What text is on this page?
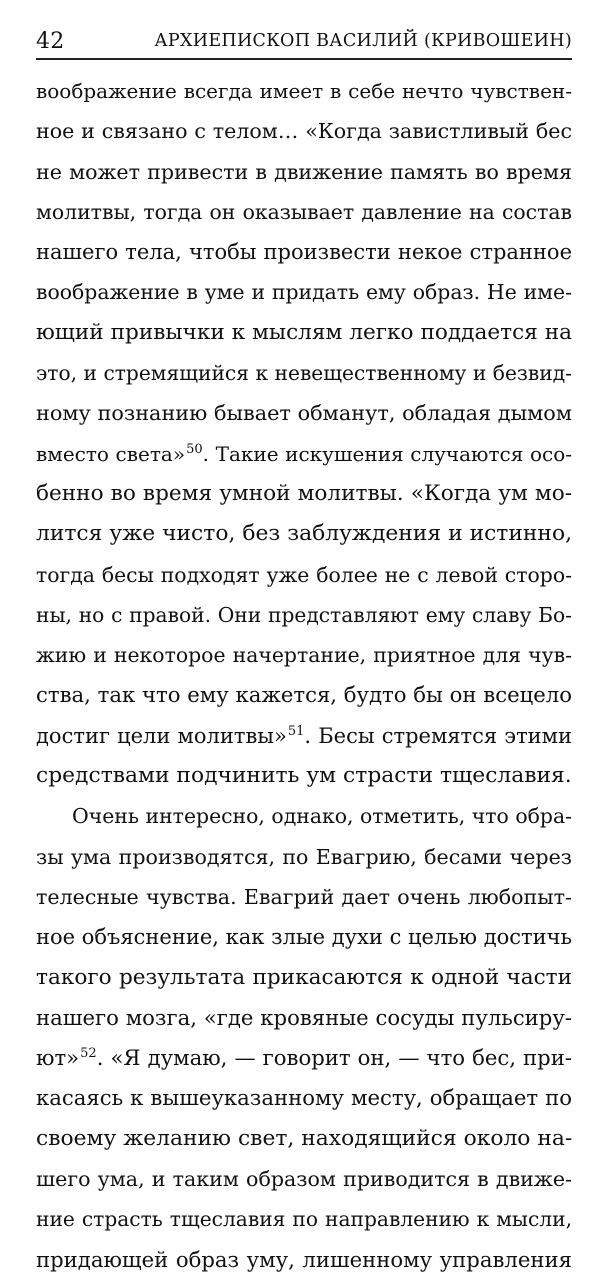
42	АРХИЕПИСКОП ВАСИЛИЙ (КРИВОШЕИН)
воображение всегда имеет в себе нечто чувствен-
ное и связано с телом… «Когда завистливый бес
не может привести в движение память во время
молитвы, тогда он оказывает давление на состав
нашего тела, чтобы произвести некое странное
воображение в уме и придать ему образ. Не име-
ющий привычки к мыслям легко поддается на
это, и стремящийся к невещественному и безвид-
ному познанию бывает обманут, обладая дымом
вместо света»$^{50}$. Такие искушения случаются осо-
бенно во время умной молитвы. «Когда ум мо-
лится уже чисто, без заблуждения и истинно,
тогда бесы подходят уже более не с левой сторо-
ны, но с правой. Они представляют ему славу Бо-
жию и некоторое начертание, приятное для чув-
ства, так что ему кажется, будто бы он всецело
достиг цели молитвы»$^{51}$. Бесы стремятся этими
средствами подчинить ум страсти тщеславия.
Очень интересно, однако, отметить, что обра-
зы ума производятся, по Евагрию, бесами через
телесные чувства. Евагрий дает очень любопыт-
ное объяснение, как злые духи с целью достичь
такого результата прикасаются к одной части
нашего мозга, «где кровяные сосуды пульсиру-
ют»$^{52}$. «Я думаю, — говорит он, — что бес, при-
касаясь к вышеуказанному месту, обращает по
своему желанию свет, находящийся около на-
шего ума, и таким образом приводится в движе-
ние страсть тщеславия по направлению к мысли,
придающей образ уму, лишенному управления
